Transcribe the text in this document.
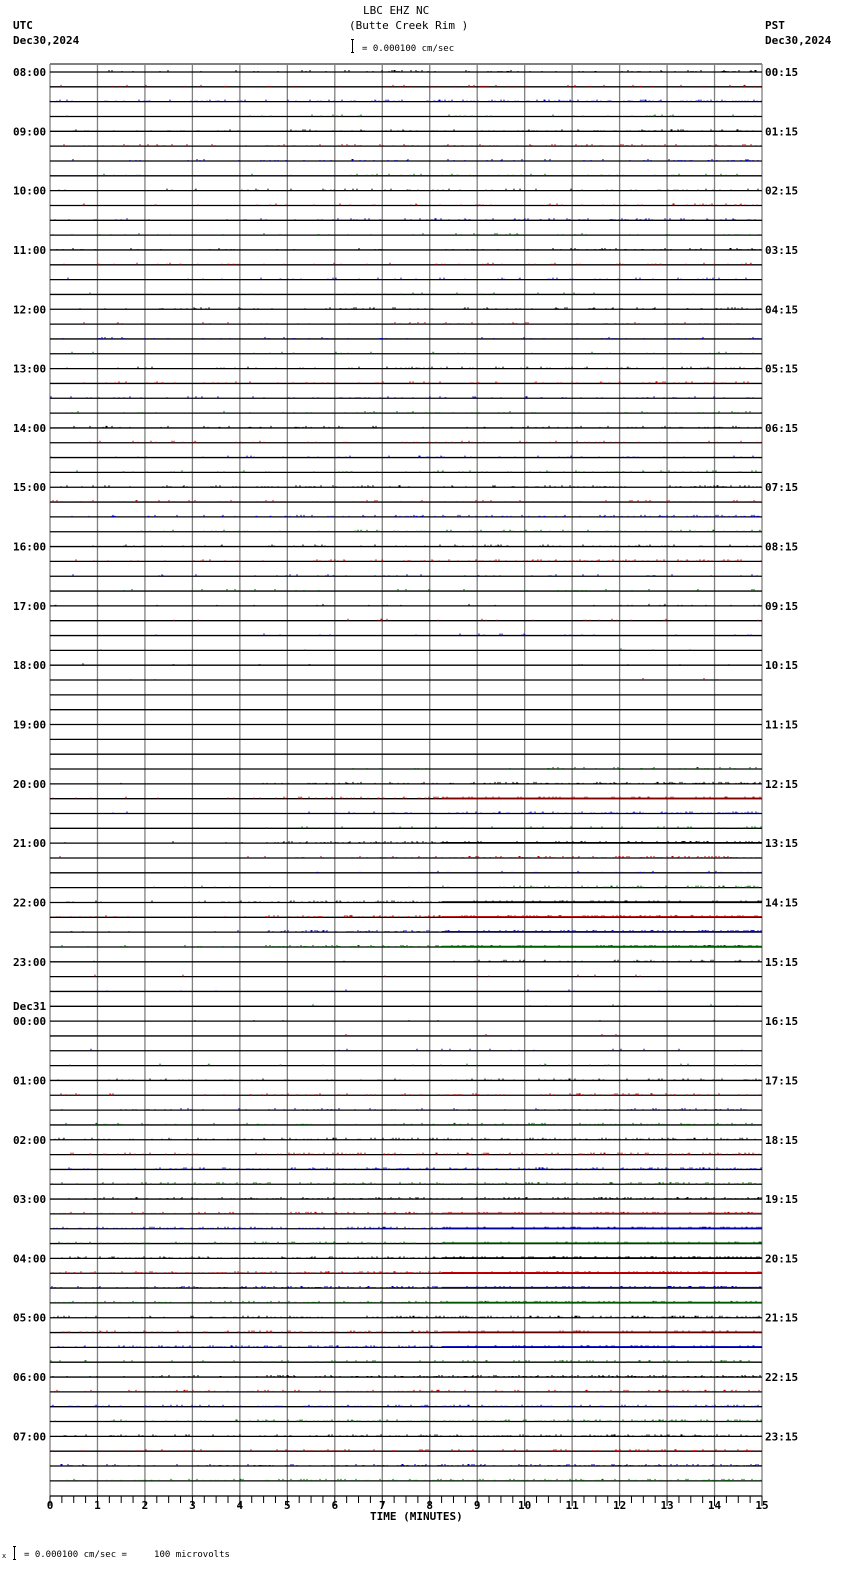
LBC EHZ NC
(Butte Creek Rim )
UTC
Dec30,2024
PST
Dec30,2024
= 0.000100 cm/sec
08:00	00:15
09:00	01:15
10:00	02:15
11:00	03:15
12:00	04:15
13:00	05:15
14:00	06:15
15:00	07:15
16:00	08:15
17:00	09:15
18:00	10:15
19:00	11:15
20:00	12:15
21:00	13:15
22:00	14:15
23:00	15:15
00:00	16:15
01:00	17:15
02:00	18:15
03:00	19:15
04:00	20:15
05:00	21:15
06:00	22:15
07:00	23:15
Dec31
0	1	2	3	4	5	6	7	8	9	10	11	12	13	14	15
TIME (MINUTES)
x = 0.000100 cm/sec =     100 microvolts
